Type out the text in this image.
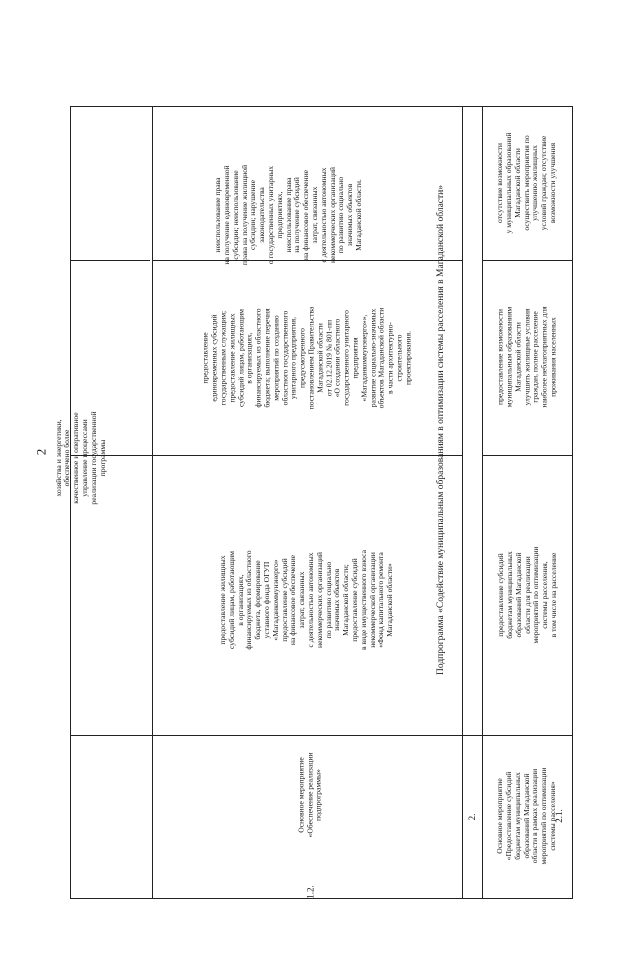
2
хозяйства и энергетики,
обеспечено более
качественное и оперативное
управление процессами
реализации государственной
программы
неиспользование права
на получение единовременной
субсидии; неиспользование
права на получение жилищной
субсидии; нарушение
законодательства
о государственных унитарных
предприятиях,
неиспользование права
на получение субсидий
на финансовое обеспечение
затрат, связанных
с деятельностью автономных
некоммерческих организаций
по развитию социально
значимых объектов
Магаданской области.
предоставление
единовременных субсидий
государственным служащим;
предоставление жилищных
субсидий лицам, работающим
в организациях,
финансируемых из областного
бюджета; выполнение перечня
мероприятий по созданию
областного государственного
унитарного предприятия,
предусмотренного
постановлением Правительства
Магаданской области
от 02.12.2019 № 801-пп
«О создании областного
государственного унитарного
предприятия
«Магаданкоммунэнерго»»,
развитие социально-значимых
объектов Магаданской области
в части архитектурно-
строительного
проектирования.
предоставление жилищных
субсидий лицам, работающим
в организациях,
финансируемых из областного
бюджета, формирование
уставного фонда ОГУП
«Магаданкоммунэнерго»
предоставление субсидий
на финансовое обеспечение
затрат, связанных
с деятельностью автономных
некоммерческих организаций
по развитию социально
значимых объектов
Магаданской области;
предоставление субсидий
в виде имущественного взноса
некоммерческой организации
«Фонд капитального ремонта
Магаданской области»
Основное мероприятие
«Обеспечение реализации
подпрограммы»
1.2.
Подпрограмма «Содействие муниципальным образованиям в оптимизации системы расселения в Магаданской области»
2.
отсутствие возможности
у муниципальных образований
Магаданской области
осуществить мероприятия по
улучшению жилищных
условий граждан; отсутствие
возможности улучшения
предоставление возможности
муниципальным образованиям
Магаданской области
улучшить жилищные условия
граждан, полное расселение
наиболее неблагоприятных для
проживания населенных
предоставление субсидий
бюджетам муниципальных
образований Магаданской
области для реализации
мероприятий по оптимизации
системы расселения,
в том числе на расселение
Основное мероприятие
«Предоставление субсидий
бюджетам муниципальных
образований Магаданской
области в рамках реализации
мероприятий по оптимизации
системы расселения»
2.1.
